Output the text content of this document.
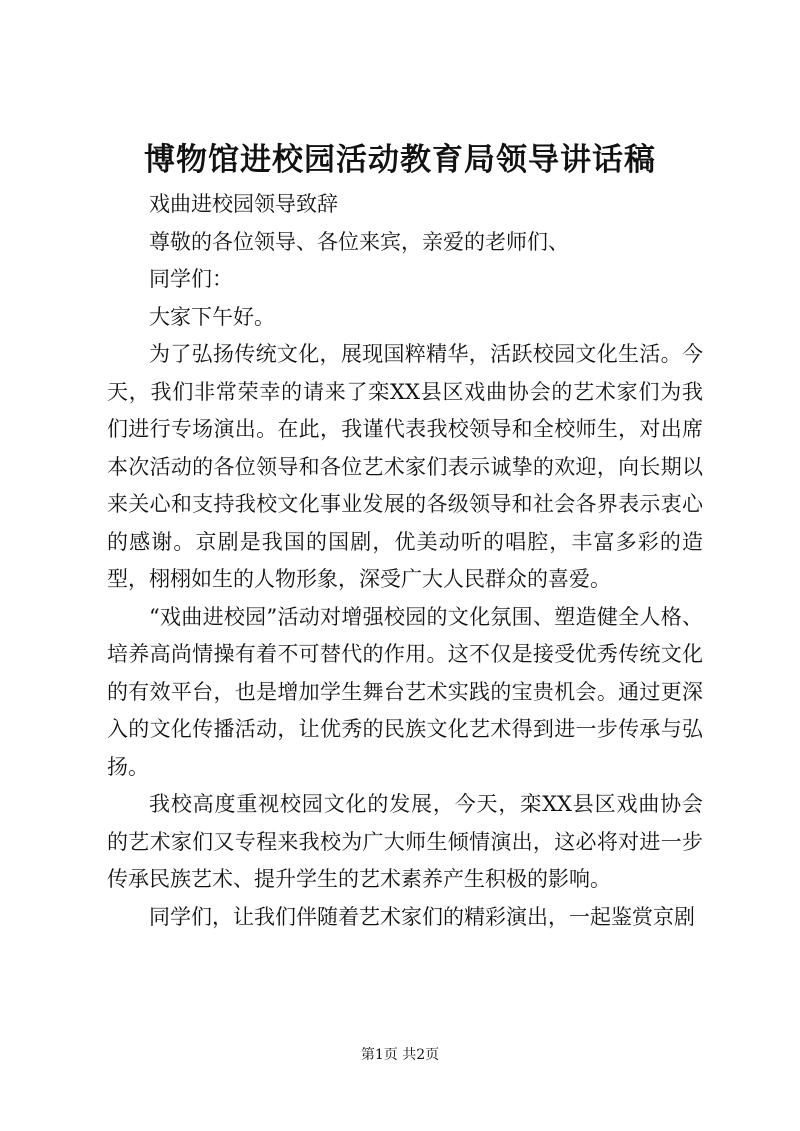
博物馆进校园活动教育局领导讲话稿

戏曲进校园领导致辞

尊敬的各位领导、各位来宾，亲爱的老师们、

同学们：

大家下午好。

为了弘扬传统文化，展现国粹精华，活跃校园文化生活。今天，我们非常荣幸的请来了栾XX县区戏曲协会的艺术家们为我们进行专场演出。在此，我谨代表我校领导和全校师生，对出席本次活动的各位领导和各位艺术家们表示诚挚的欢迎，向长期以来关心和支持我校文化事业发展的各级领导和社会各界表示衷心的感谢。京剧是我国的国剧，优美动听的唱腔，丰富多彩的造型，栩栩如生的人物形象，深受广大人民群众的喜爱。

“戏曲进校园”活动对增强校园的文化氛围、塑造健全人格、培养高尚情操有着不可替代的作用。这不仅是接受优秀传统文化的有效平台，也是增加学生舞台艺术实践的宝贵机会。通过更深入的文化传播活动，让优秀的民族文化艺术得到进一步传承与弘扬。

我校高度重视校园文化的发展，今天，栾XX县区戏曲协会的艺术家们又专程来我校为广大师生倾情演出，这必将对进一步传承民族艺术、提升学生的艺术素养产生积极的影响。

同学们，让我们伴随着艺术家们的精彩演出，一起鉴赏京剧

第1页 共2页
